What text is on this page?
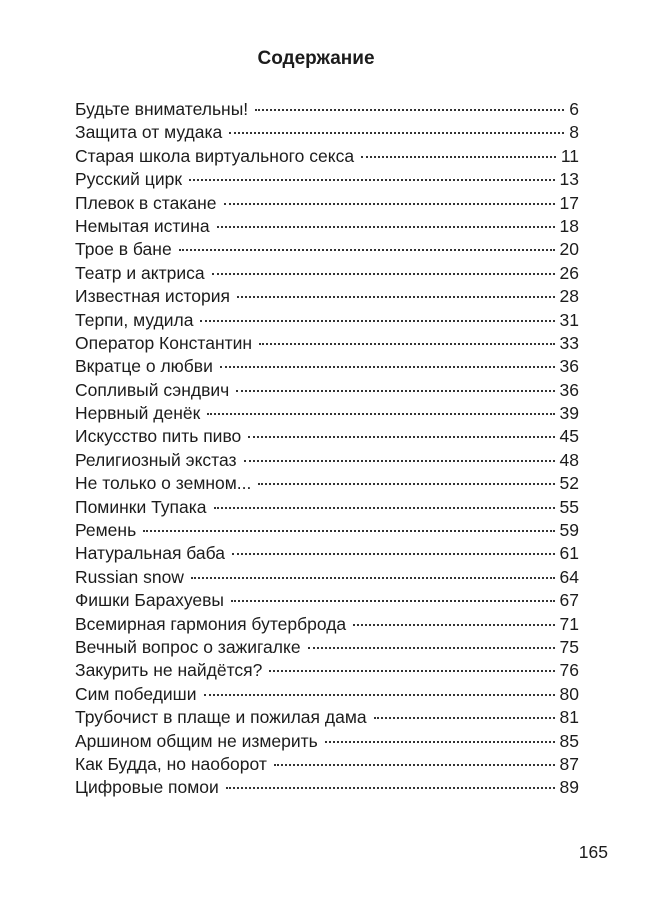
Содержание
Будьте внимательны!	6
Защита от мудака	8
Старая школа виртуального секса	11
Русский цирк	13
Плевок в стакане	17
Немытая истина	18
Трое в бане	20
Театр и актриса	26
Известная история	28
Терпи, мудила	31
Оператор Константин	33
Вкратце о любви	36
Сопливый сэндвич	36
Нервный денёк	39
Искусство пить пиво	45
Религиозный экстаз	48
Не только о земном...	52
Поминки Тупака	55
Ремень	59
Натуральная баба	61
Russian snow	64
Фишки Барахуевы	67
Всемирная гармония бутерброда	71
Вечный вопрос о зажигалке	75
Закурить не найдётся?	76
Сим победиши	80
Трубочист в плаще и пожилая дама	81
Аршином общим не измерить	85
Как Будда, но наоборот	87
Цифровые помои	89
165
